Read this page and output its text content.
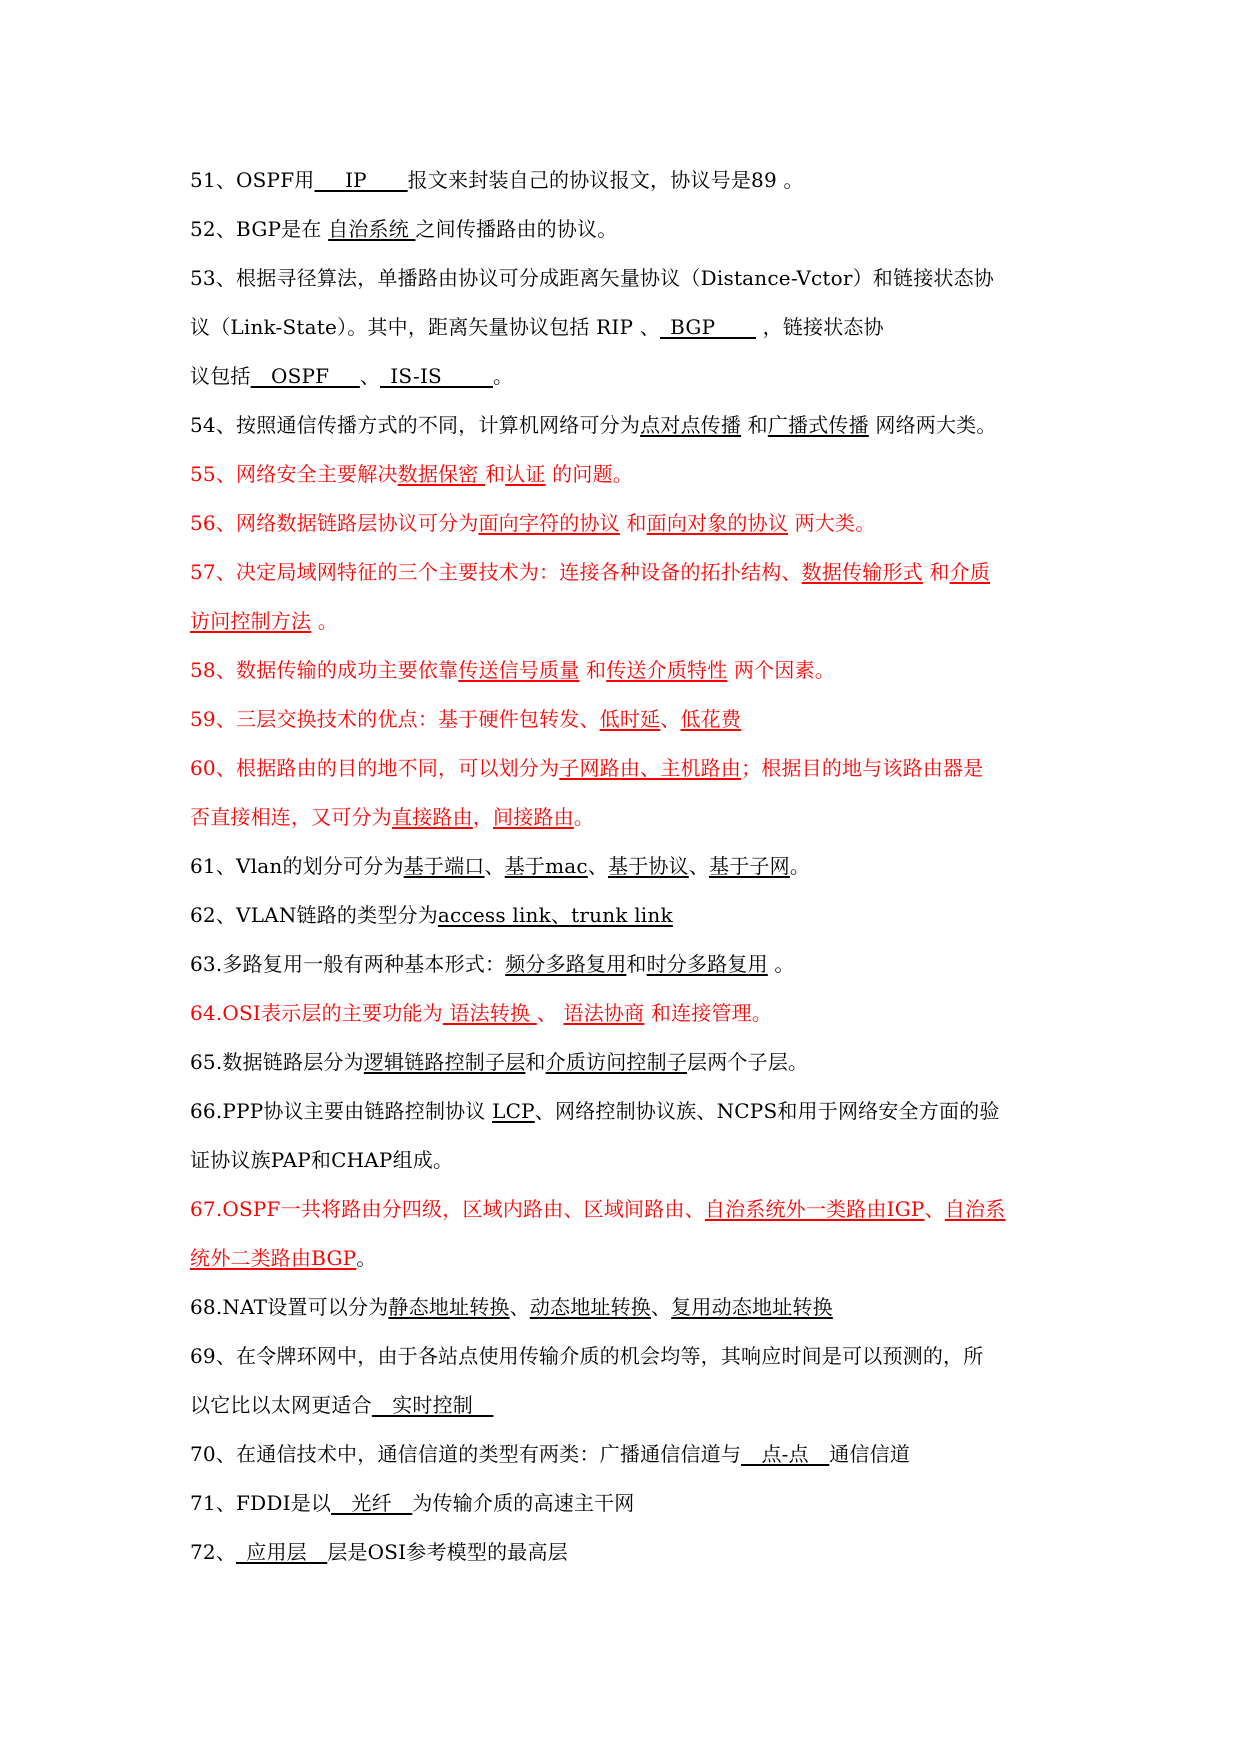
51、OSPF用___IP____报文来封装自己的协议报文，协议号是89 。
52、BGP是在 自治系统 之间传播路由的协议。
53、根据寻径算法，单播路由协议可分成距离矢量协议（Distance-Vctor）和链接状态协
议（Link-State）。其中，距离矢量协议包括 RIP 、_BGP____ ，链接状态协
议包括__OSPF___、_IS-IS_____。
54、按照通信传播方式的不同，计算机网络可分为点对点传播 和广播式传播 网络两大类。
55、网络安全主要解决数据保密 和认证 的问题。
56、网络数据链路层协议可分为面向字符的协议 和面向对象的协议 两大类。
57、决定局域网特征的三个主要技术为：连接各种设备的拓扑结构、数据传输形式 和介质
访问控制方法 。
58、数据传输的成功主要依靠传送信号质量 和传送介质特性 两个因素。
59、三层交换技术的优点：基于硬件包转发、低时延、低花费
60、根据路由的目的地不同，可以划分为子网路由、主机路由；根据目的地与该路由器是
否直接相连，又可分为直接路由，间接路由。
61、Vlan的划分可分为基于端口、基于mac、基于协议、基于子网。
62、VLAN链路的类型分为access link、trunk link
63.多路复用一般有两种基本形式：频分多路复用和时分多路复用 。
64.OSI表示层的主要功能为 语法转换 、 语法协商 和连接管理。
65.数据链路层分为逻辑链路控制子层和介质访问控制子层两个子层。
66.PPP协议主要由链路控制协议 LCP、网络控制协议族、NCPS和用于网络安全方面的验
证协议族PAP和CHAP组成。
67.OSPF一共将路由分四级，区域内路由、区域间路由、自治系统外一类路由IGP、自治系
统外二类路由BGP。
68.NAT设置可以分为静态地址转换、动态地址转换、复用动态地址转换
69、在令牌环网中，由于各站点使用传输介质的机会均等，其响应时间是可以预测的，所
以它比以太网更适合__实时控制__
70、在通信技术中，通信信道的类型有两类：广播通信信道与__点-点__通信信道
71、FDDI是以__光纤__为传输介质的高速主干网
72、_应用层__层是OSI参考模型的最高层
